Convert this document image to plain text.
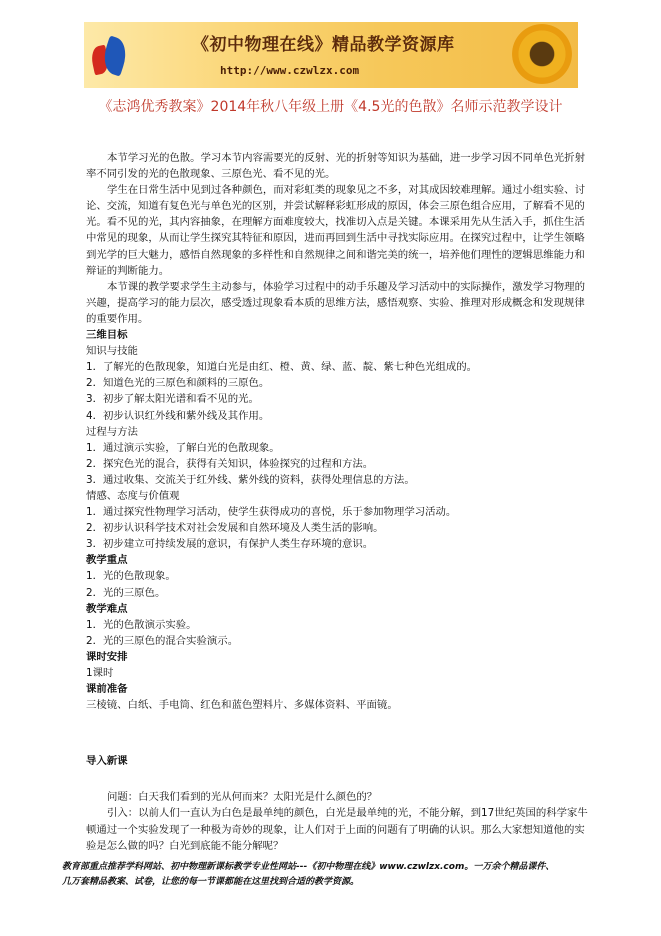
《初中物理在线》精品教学资源库
http://www.czwlzx.com
《志鸿优秀教案》2014年秋八年级上册《4.5光的色散》名师示范教学设计

本节学习光的色散。学习本节内容需要光的反射、光的折射等知识为基础，进一步学习因不同单色光折射率不同引发的光的色散现象、三原色光、看不见的光。

学生在日常生活中见到过各种颜色，而对彩虹类的现象见之不多，对其成因较难理解。通过小组实验、讨论、交流，知道有复色光与单色光的区别，并尝试解释彩虹形成的原因，体会三原色组合应用，了解看不见的光。看不见的光，其内容抽象，在理解方面难度较大，找准切入点是关键。本课采用先从生活入手，抓住生活中常见的现象，从而让学生探究其特征和原因，进而再回到生活中寻找实际应用。在探究过程中，让学生领略到光学的巨大魅力，感悟自然现象的多样性和自然规律之间和谐完美的统一，培养他们理性的逻辑思维能力和辩证的判断能力。

本节课的教学要求学生主动参与，体验学习过程中的动手乐趣及学习活动中的实际操作，激发学习物理的兴趣，提高学习的能力层次，感受透过现象看本质的思维方法，感悟观察、实验、推理对形成概念和发现规律的重要作用。

三维目标

知识与技能

1．了解光的色散现象，知道白光是由红、橙、黄、绿、蓝、靛、紫七种色光组成的。

2．知道色光的三原色和颜料的三原色。

3．初步了解太阳光谱和看不见的光。

4．初步认识红外线和紫外线及其作用。

过程与方法

1．通过演示实验，了解白光的色散现象。

2．探究色光的混合，获得有关知识，体验探究的过程和方法。

3．通过收集、交流关于红外线、紫外线的资料，获得处理信息的方法。

情感、态度与价值观

1．通过探究性物理学习活动，使学生获得成功的喜悦，乐于参加物理学习活动。

2．初步认识科学技术对社会发展和自然环境及人类生活的影响。

3．初步建立可持续发展的意识，有保护人类生存环境的意识。

教学重点

1．光的色散现象。

2．光的三原色。

教学难点

1．光的色散演示实验。

2．光的三原色的混合实验演示。

课时安排

1课时

课前准备

三棱镜、白纸、手电筒、红色和蓝色塑料片、多媒体资料、平面镜。

导入新课

问题：白天我们看到的光从何而来？太阳光是什么颜色的？

引入：以前人们一直认为白色是最单纯的颜色，白光是最单纯的光，不能分解，到17世纪英国的科学家牛顿通过一个实验发现了一种极为奇妙的现象，让人们对于上面的问题有了明确的认识。那么大家想知道他的实验是怎么做的吗？白光到底能不能分解呢？

教育部重点推荐学科网站、初中物理新课标教学专业性网站---《初中物理在线》www.czwlzx.com。一万余个精品课件、
几万套精品教案、试卷，让您的每一节课都能在这里找到合适的教学资源。
